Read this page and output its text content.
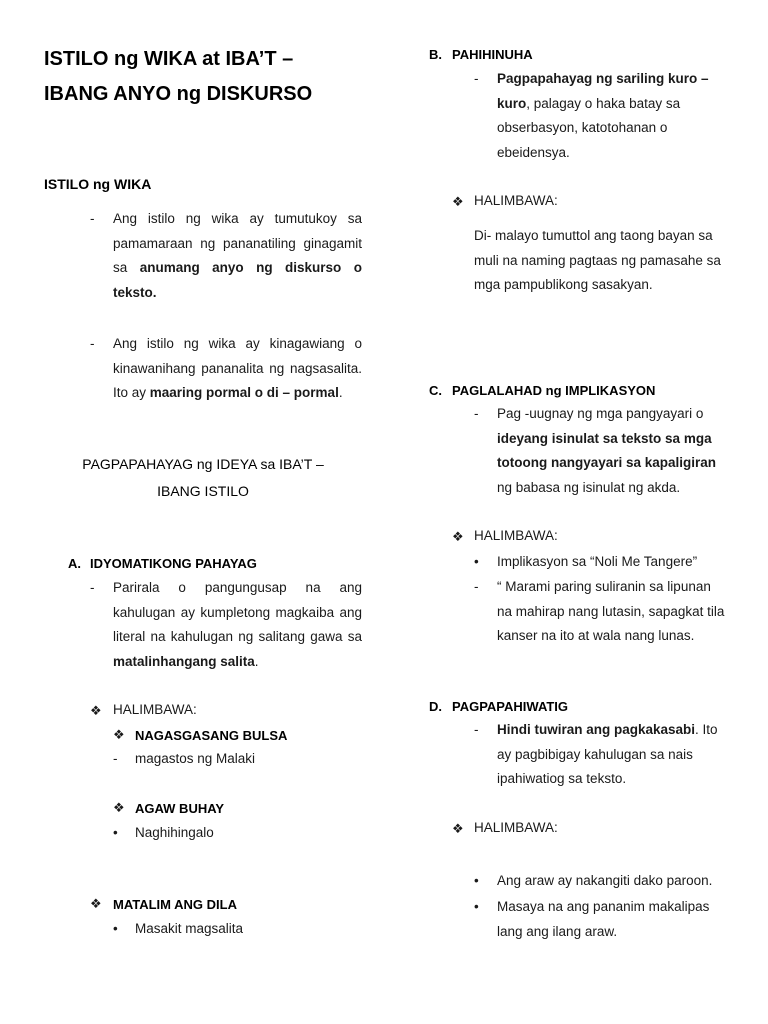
ISTILO ng WIKA at IBA’T –

IBANG ANYO ng DISKURSO

ISTILO ng WIKA

- Ang istilo ng wika ay tumutukoy sa pamamaraan ng pananatiling ginagamit sa anumang anyo ng diskurso o teksto.

- Ang istilo ng wika ay kinagawiang o kinawanihang pananalita ng nagsasalita. Ito ay maaring pormal o di – pormal.

PAGPAPAHAYAG ng IDEYA sa IBA’T –

IBANG ISTILO

A. IDYOMATIKONG PAHAYAG
- Parirala o pangungusap na ang kahulugan ay kumpletong magkaiba ang literal na kahulugan ng salitang gawa sa matalinhangang salita.

❖ HALIMBAWA:
❖ NAGASGASANG BULSA
- magastos ng Malaki
❖ AGAW BUHAY
• Naghihingalo
❖ MATALIM ANG DILA
• Masakit magsalita
B. PAHIHINUHA
- Pagpapahayag ng sariling kuro – kuro, palagay o haka batay sa obserbasyon, katotohanan o ebeidensya.

❖ HALIMBAWA:

Di- malayo tumuttol ang taong bayan sa muli na naming pagtaas ng pamasahe sa mga pampublikong sasakyan.

C. PAGLALAHAD ng IMPLIKASYON
- Pag -uugnay ng mga pangyayari o ideyang isinulat sa teksto sa mga totoong nangyayari sa kapaligiran ng babasa ng isinulat ng akda.

❖ HALIMBAWA:
• Implikasyon sa “Noli Me Tangere”
- “ Marami paring suliranin sa lipunan na mahirap nang lutasin, sapagkat tila kanser na ito at wala nang lunas.

D. PAGPAPAHIWATIG
- Hindi tuwiran ang pagkakasabi. Ito ay pagbibigay kahulugan sa nais ipahiwatiog sa teksto.

❖ HALIMBAWA:
• Ang araw ay nakangiti dako paroon.
• Masaya na ang pananim makalipas lang ang ilang araw.
